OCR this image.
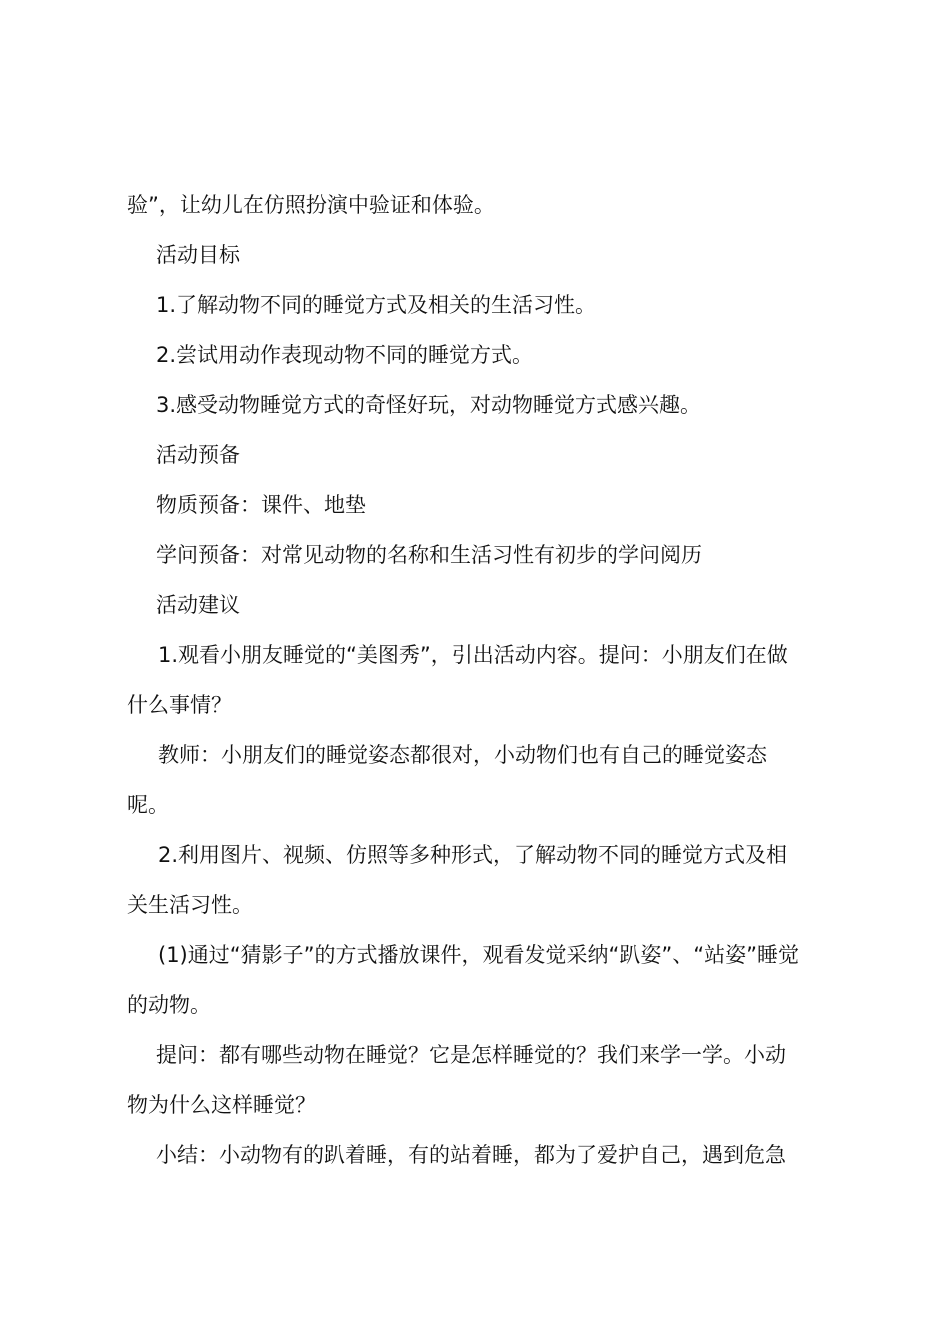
验”，让幼儿在仿照扮演中验证和体验。
活动目标
1.了解动物不同的睡觉方式及相关的生活习性。
2.尝试用动作表现动物不同的睡觉方式。
3.感受动物睡觉方式的奇怪好玩，对动物睡觉方式感兴趣。
活动预备
物质预备：课件、地垫
学问预备：对常见动物的名称和生活习性有初步的学问阅历
活动建议
1.观看小朋友睡觉的“美图秀”，引出活动内容。提问：小朋友们在做
什么事情？
教师：小朋友们的睡觉姿态都很对，小动物们也有自己的睡觉姿态
呢。
2.利用图片、视频、仿照等多种形式，了解动物不同的睡觉方式及相
关生活习性。
(1)通过“猜影子”的方式播放课件，观看发觉采纳“趴姿”、“站姿”睡觉
的动物。
提问：都有哪些动物在睡觉？它是怎样睡觉的？我们来学一学。小动
物为什么这样睡觉？
小结：小动物有的趴着睡，有的站着睡，都为了爱护自己，遇到危急
